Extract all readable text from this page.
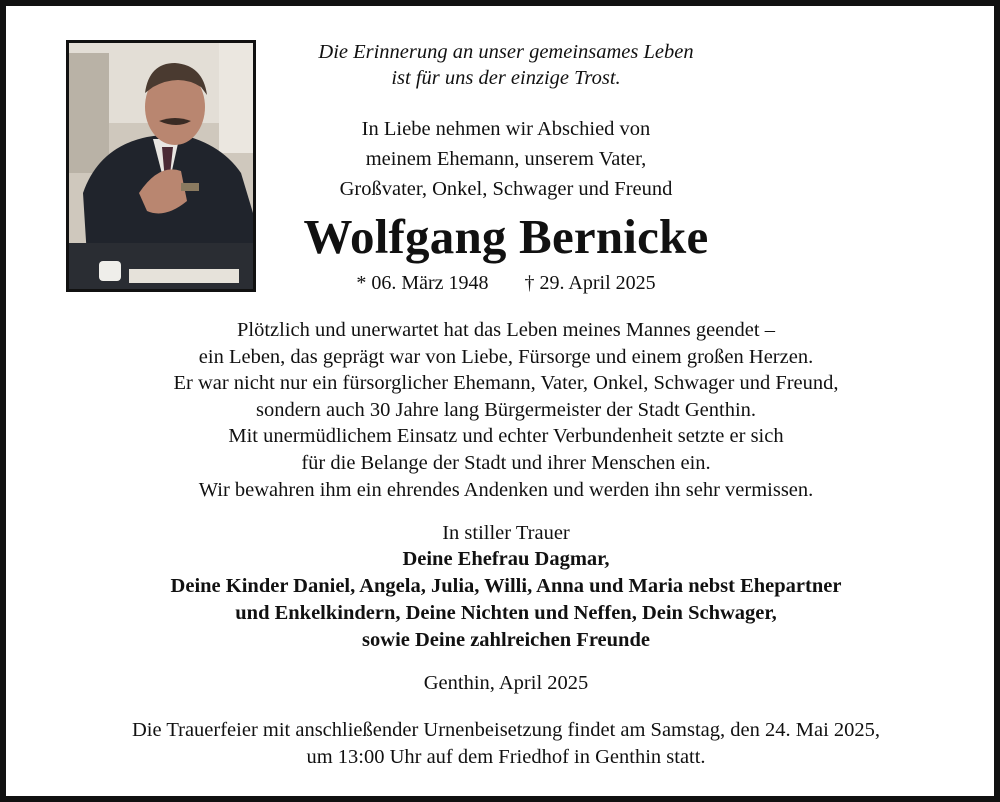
Die Erinnerung an unser gemeinsames Leben
ist für uns der einzige Trost.
In Liebe nehmen wir Abschied von
meinem Ehemann, unserem Vater,
Großvater, Onkel, Schwager und Freund
Wolfgang Bernicke
* 06. März 1948 † 29. April 2025
Plötzlich und unerwartet hat das Leben meines Mannes geendet –
ein Leben, das geprägt war von Liebe, Fürsorge und einem großen Herzen.
Er war nicht nur ein fürsorglicher Ehemann, Vater, Onkel, Schwager und Freund,
sondern auch 30 Jahre lang Bürgermeister der Stadt Genthin.
Mit unermüdlichem Einsatz und echter Verbundenheit setzte er sich
für die Belange der Stadt und ihrer Menschen ein.
Wir bewahren ihm ein ehrendes Andenken und werden ihn sehr vermissen.
In stiller Trauer
Deine Ehefrau Dagmar,
Deine Kinder Daniel, Angela, Julia, Willi, Anna und Maria nebst Ehepartner
und Enkelkindern, Deine Nichten und Neffen, Dein Schwager,
sowie Deine zahlreichen Freunde
Genthin, April 2025
Die Trauerfeier mit anschließender Urnenbeisetzung findet am Samstag, den 24. Mai 2025,
um 13:00 Uhr auf dem Friedhof in Genthin statt.
